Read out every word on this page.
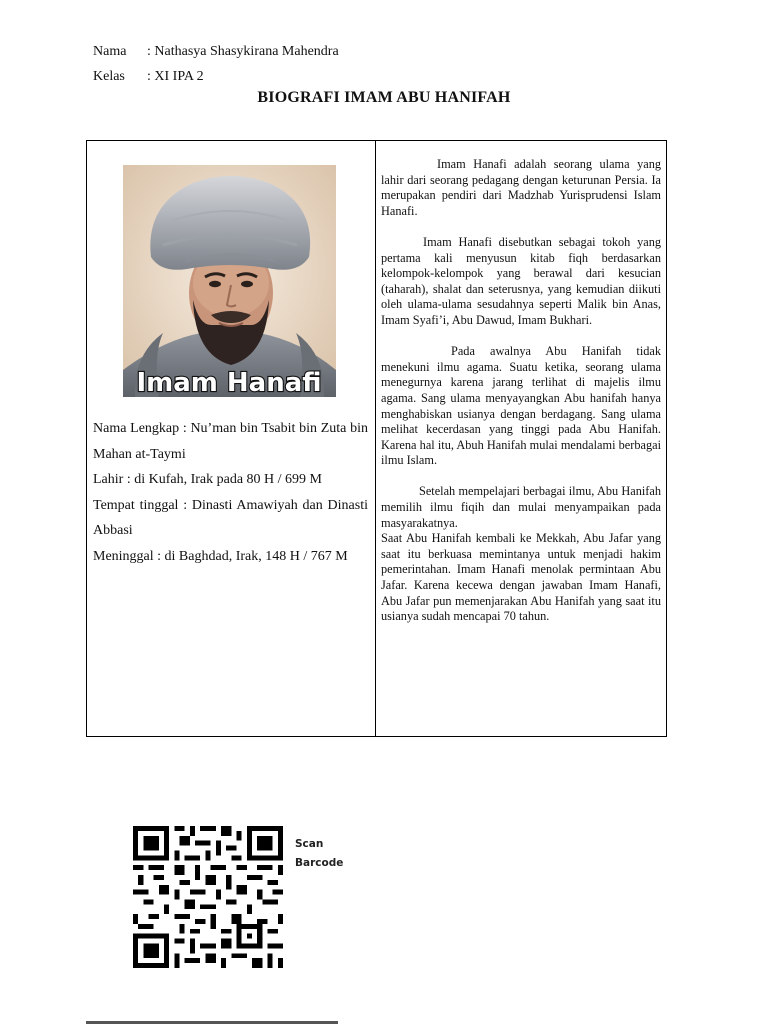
Nama : Nathasya Shasykirana Mahendra
Kelas : XI IPA 2
BIOGRAFI IMAM ABU HANIFAH
Imam Hanafi

Nama Lengkap : Nu’man bin Tsabit bin Zuta bin Mahan at-Taymi

Lahir : di Kufah, Irak pada 80 H / 699 M

Tempat tinggal : Dinasti Amawiyah dan Dinasti Abbasi

Meninggal : di Baghdad, Irak, 148 H / 767 M

Imam Hanafi adalah seorang ulama yang lahir dari seorang pedagang dengan keturunan Persia. Ia merupakan pendiri dari Madzhab Yurisprudensi Islam Hanafi.

Imam Hanafi disebutkan sebagai tokoh yang pertama kali menyusun kitab fiqh berdasarkan kelompok-kelompok yang berawal dari kesucian (taharah), shalat dan seterusnya, yang kemudian diikuti oleh ulama-ulama sesudahnya seperti Malik bin Anas, Imam Syafi’i, Abu Dawud, Imam Bukhari.

Pada awalnya Abu Hanifah tidak menekuni ilmu agama. Suatu ketika, seorang ulama menegurnya karena jarang terlihat di majelis ilmu agama. Sang ulama menyayangkan Abu hanifah hanya menghabiskan usianya dengan berdagang. Sang ulama melihat kecerdasan yang tinggi pada Abu Hanifah. Karena hal itu, Abuh Hanifah mulai mendalami berbagai ilmu Islam.

Setelah mempelajari berbagai ilmu, Abu Hanifah memilih ilmu fiqih dan mulai menyampaikan pada masyarakatnya.

Saat Abu Hanifah kembali ke Mekkah, Abu Jafar yang saat itu berkuasa memintanya untuk menjadi hakim pemerintahan. Imam Hanafi menolak permintaan Abu Jafar. Karena kecewa dengan jawaban Imam Hanafi, Abu Jafar pun memenjarakan Abu Hanifah yang saat itu usianya sudah mencapai 70 tahun.

Scan Barcode
